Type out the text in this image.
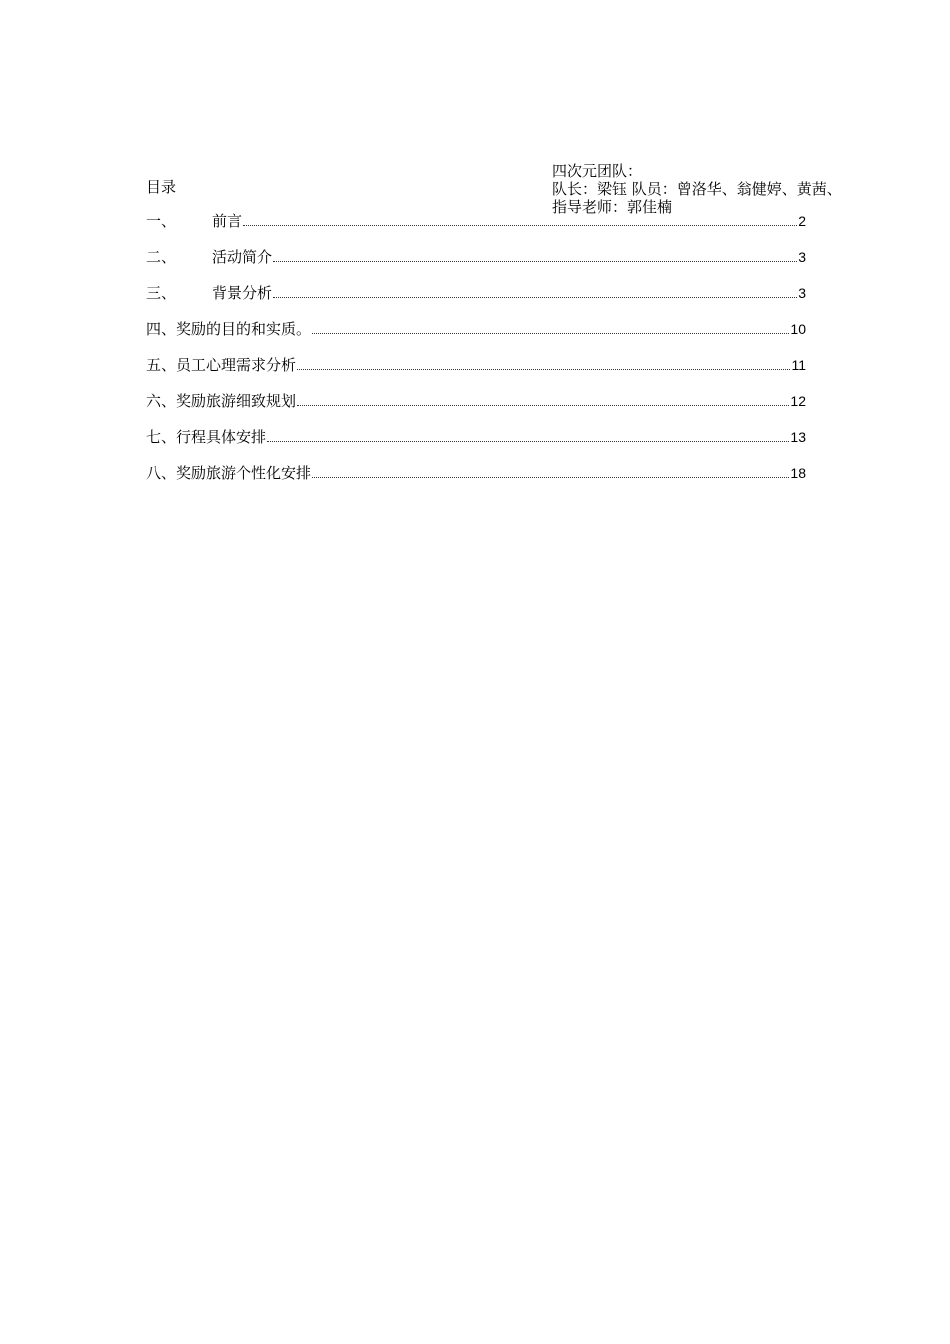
四次元团队：
队长：梁钰 队员：曾洛华、翁健婷、黄茜、
指导老师：郭佳楠
目录
一、	前言	2
二、	活动简介	3
三、	背景分析	3
四、 奖励的目的和实质。	10
五、 员工心理需求分析	11
六、 奖励旅游细致规划	12
七、 行程具体安排	13
八、 奖励旅游个性化安排	18
